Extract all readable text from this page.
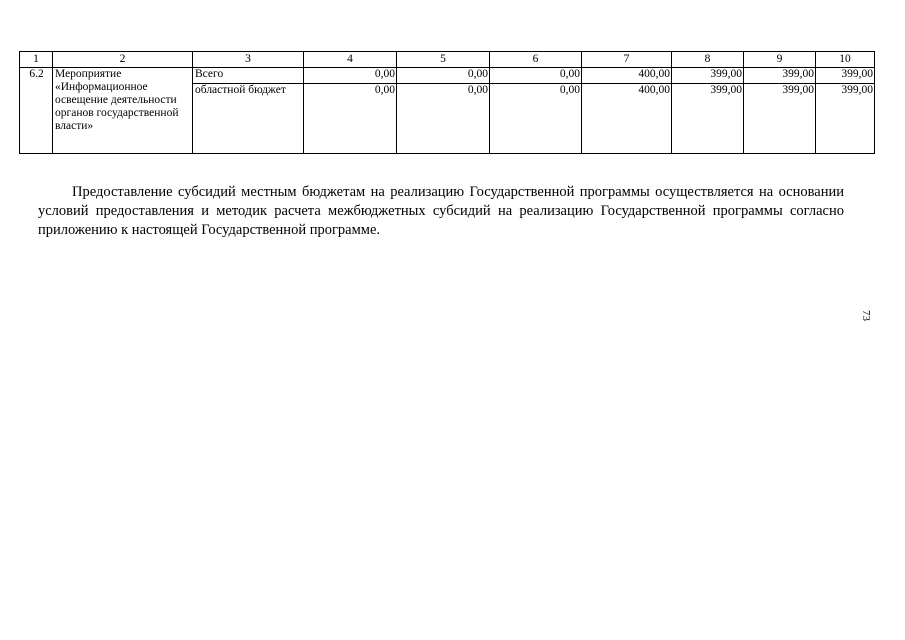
1	2	3	4	5	6	7	8	9	10
6.2	Мероприятие «Информационное освещение деятельности органов государственной власти»	Всего	0,00	0,00	0,00	400,00	399,00	399,00	399,00
		областной бюджет	0,00	0,00	0,00	400,00	399,00	399,00	399,00

Предоставление субсидий местным бюджетам на реализацию Государственной программы осуществляется на основании условий предоставления и методик расчета межбюджетных субсидий на реализацию Государственной программы согласно приложению к настоящей Государственной программе.

73
